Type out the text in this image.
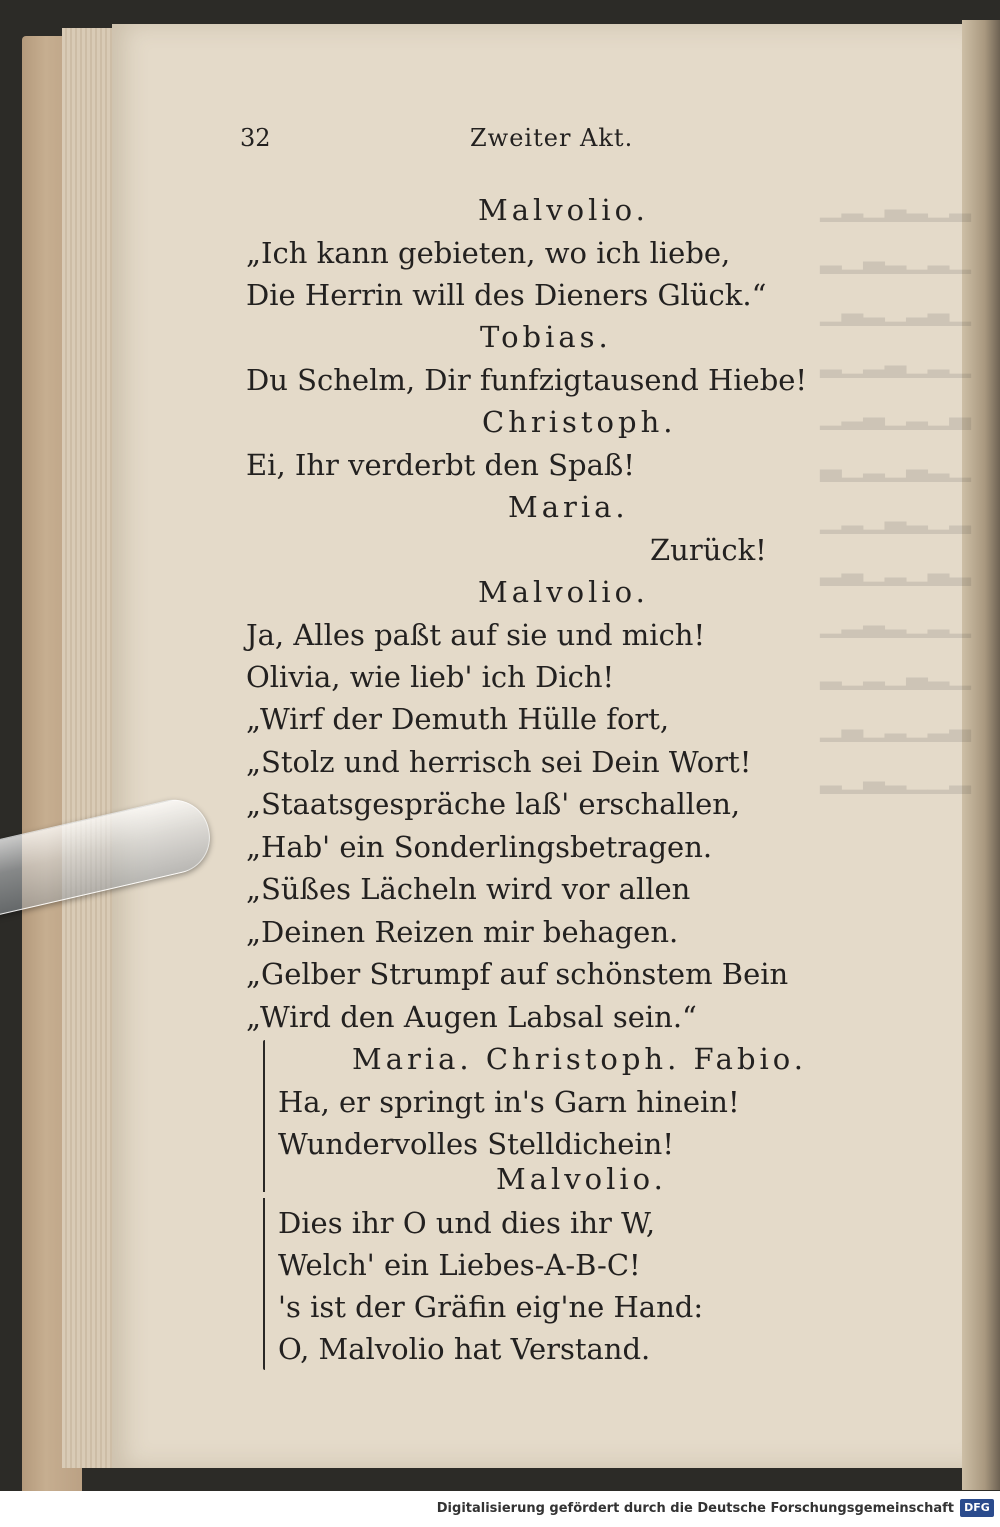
32	Zweiter Akt.
Malvolio.
„Ich kann gebieten, wo ich liebe,
Die Herrin will des Dieners Glück.“
Tobias.
Du Schelm, Dir funfzigtausend Hiebe!
Christoph.
Ei, Ihr verderbt den Spaß!
Maria.
Zurück!
Malvolio.
Ja, Alles paßt auf sie und mich!
Olivia, wie lieb' ich Dich!
„Wirf der Demuth Hülle fort,
„Stolz und herrisch sei Dein Wort!
„Staatsgespräche laß' erschallen,
„Hab' ein Sonderlingsbetragen.
„Süßes Lächeln wird vor allen
„Deinen Reizen mir behagen.
„Gelber Strumpf auf schönstem Bein
„Wird den Augen Labsal sein.“
Maria. Christoph. Fabio.
Ha, er springt in's Garn hinein!
Wundervolles Stelldichein!
Malvolio.
Dies ihr O und dies ihr W,
Welch' ein Liebes-A-B-C!
's ist der Gräfin eig'ne Hand:
O, Malvolio hat Verstand.
Digitalisierung gefördert durch die Deutsche Forschungsgemeinschaft DFG
